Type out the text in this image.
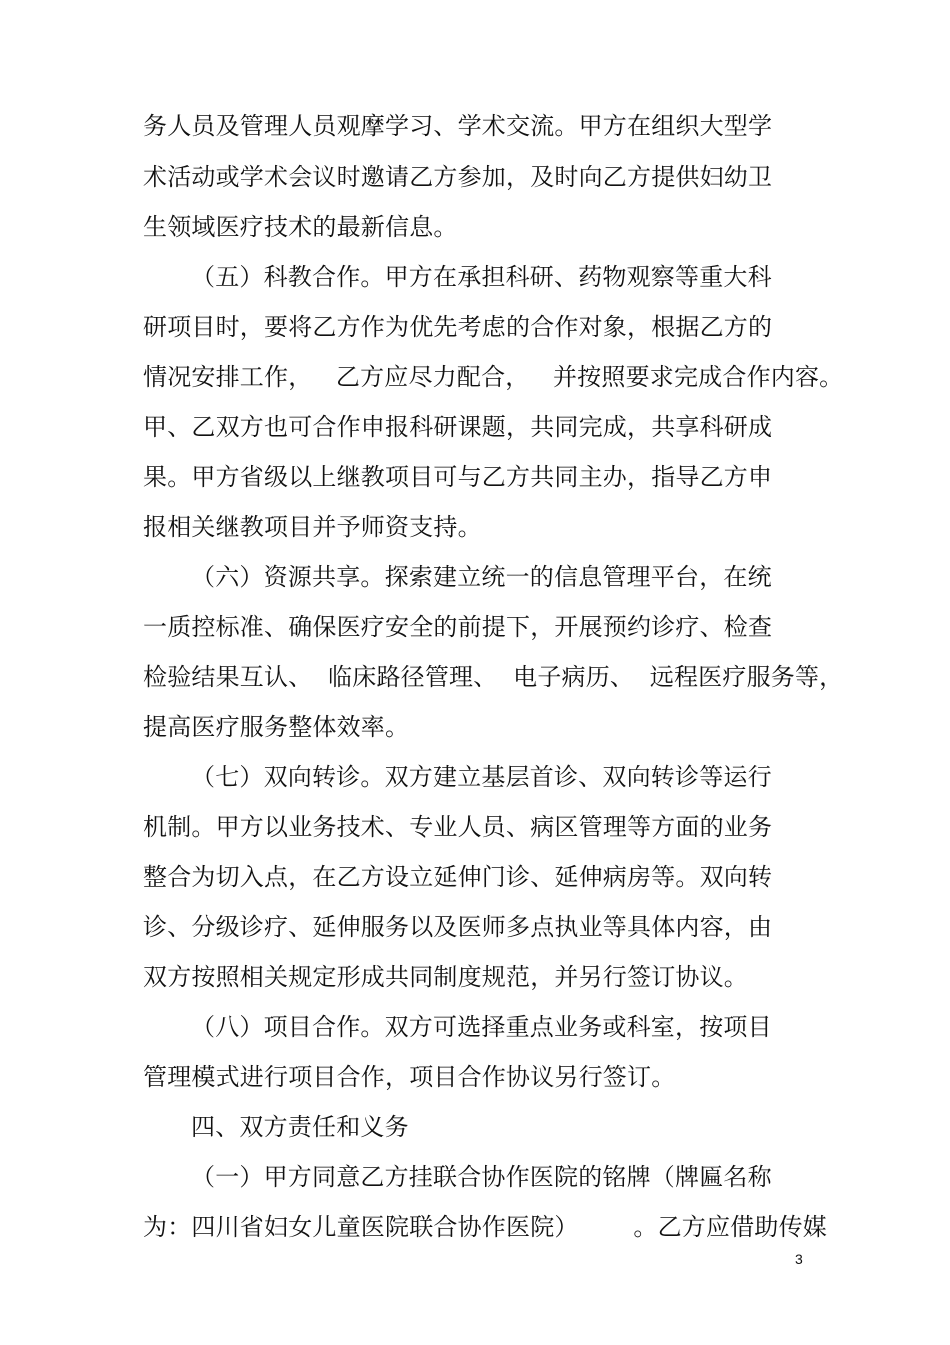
务人员及管理人员观摩学习、学术交流。甲方在组织大型学
术活动或学术会议时邀请乙方参加，及时向乙方提供妇幼卫
生领域医疗技术的最新信息。
（五）科教合作。甲方在承担科研、药物观察等重大科
研项目时，要将乙方作为优先考虑的合作对象，根据乙方的
情况安排工作，   乙方应尽力配合，   并按照要求完成合作内容。
甲、乙双方也可合作申报科研课题，共同完成，共享科研成
果。甲方省级以上继教项目可与乙方共同主办，指导乙方申
报相关继教项目并予师资支持。
（六）资源共享。探索建立统一的信息管理平台，在统
一质控标准、确保医疗安全的前提下，开展预约诊疗、检查
检验结果互认、  临床路径管理、  电子病历、  远程医疗服务等，
提高医疗服务整体效率。
（七）双向转诊。双方建立基层首诊、双向转诊等运行
机制。甲方以业务技术、专业人员、病区管理等方面的业务
整合为切入点，在乙方设立延伸门诊、延伸病房等。双向转
诊、分级诊疗、延伸服务以及医师多点执业等具体内容，由
双方按照相关规定形成共同制度规范，并另行签订协议。
（八）项目合作。双方可选择重点业务或科室，按项目
管理模式进行项目合作，项目合作协议另行签订。
四、双方责任和义务
（一）甲方同意乙方挂联合协作医院的铭牌（牌匾名称
为：四川省妇女儿童医院联合协作医院）       。乙方应借助传媒
3
